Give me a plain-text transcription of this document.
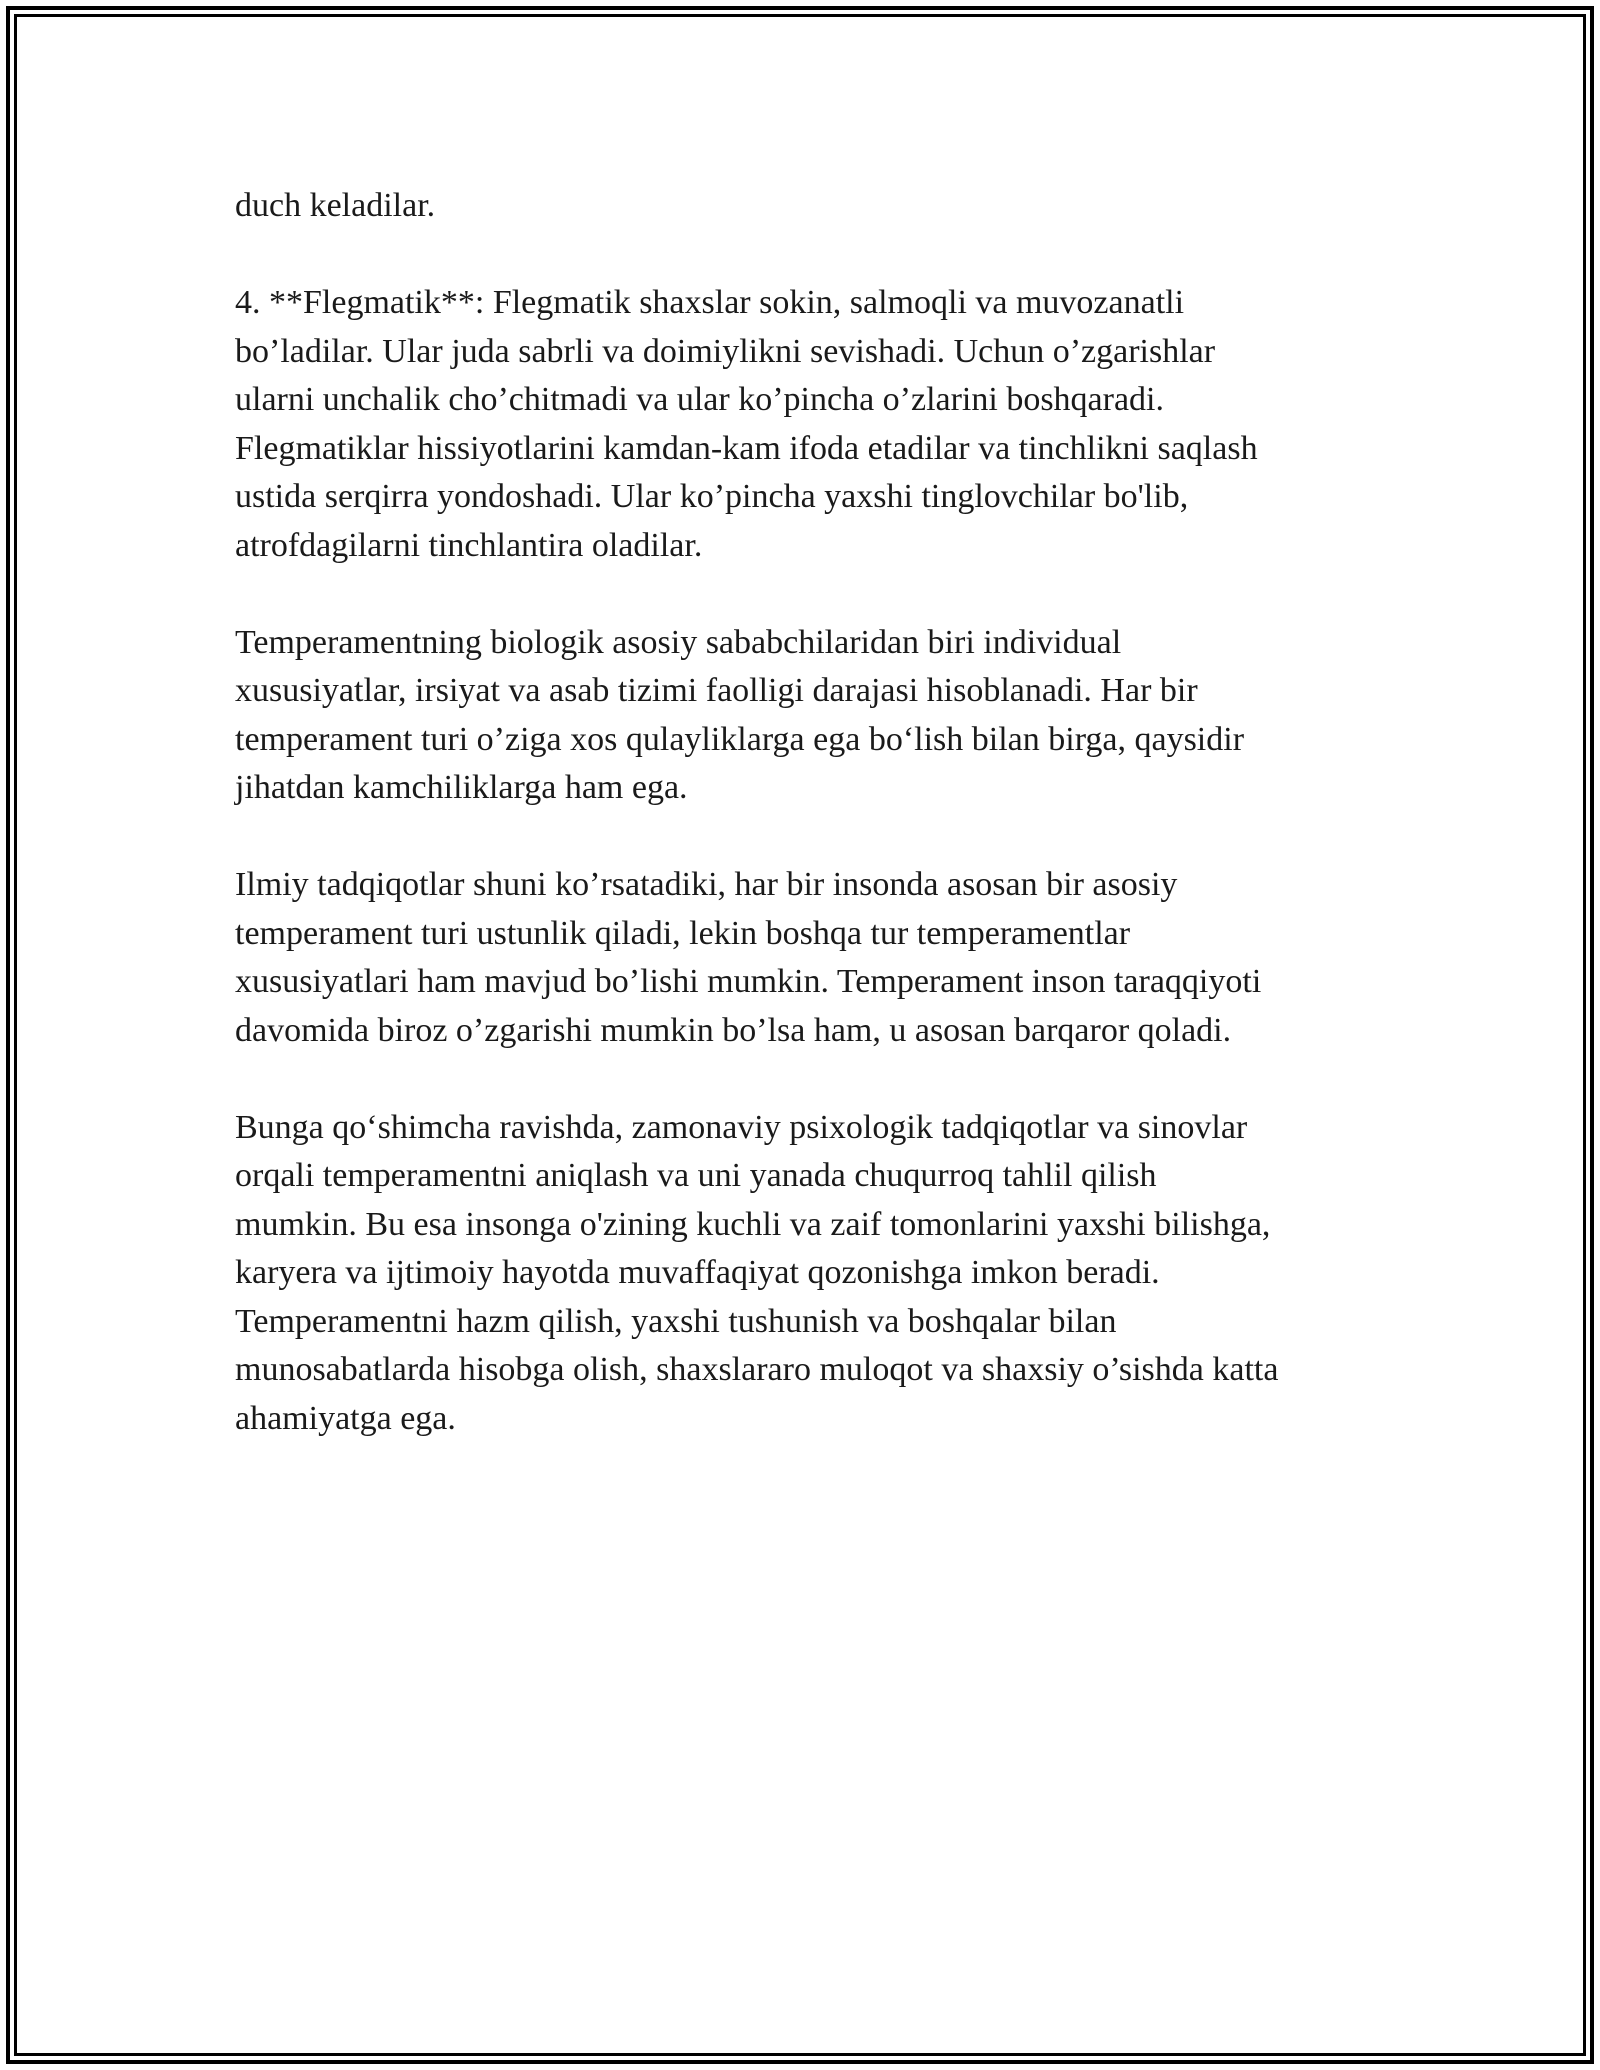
duch keladilar.

4. **Flegmatik**: Flegmatik shaxslar sokin, salmoqli va muvozanatli
bo’ladilar. Ular juda sabrli va doimiylikni sevishadi. Uchun o’zgarishlar
ularni unchalik cho’chitmadi va ular ko’pincha o’zlarini boshqaradi.
Flegmatiklar hissiyotlarini kamdan-kam ifoda etadilar va tinchlikni saqlash
ustida serqirra yondoshadi. Ular ko’pincha yaxshi tinglovchilar bo'lib,
atrofdagilarni tinchlantira oladilar.

Temperamentning biologik asosiy sababchilaridan biri individual
xususiyatlar, irsiyat va asab tizimi faolligi darajasi hisoblanadi. Har bir
temperament turi o’ziga xos qulayliklarga ega boʻlish bilan birga, qaysidir
jihatdan kamchiliklarga ham ega.

Ilmiy tadqiqotlar shuni ko’rsatadiki, har bir insonda asosan bir asosiy
temperament turi ustunlik qiladi, lekin boshqa tur temperamentlar
xususiyatlari ham mavjud bo’lishi mumkin. Temperament inson taraqqiyoti
davomida biroz o’zgarishi mumkin bo’lsa ham, u asosan barqaror qoladi.

Bunga qoʻshimcha ravishda, zamonaviy psixologik tadqiqotlar va sinovlar
orqali temperamentni aniqlash va uni yanada chuqurroq tahlil qilish
mumkin. Bu esa insonga o'zining kuchli va zaif tomonlarini yaxshi bilishga,
karyera va ijtimoiy hayotda muvaffaqiyat qozonishga imkon beradi.
Temperamentni hazm qilish, yaxshi tushunish va boshqalar bilan
munosabatlarda hisobga olish, shaxslararo muloqot va shaxsiy o’sishda katta
ahamiyatga ega.
